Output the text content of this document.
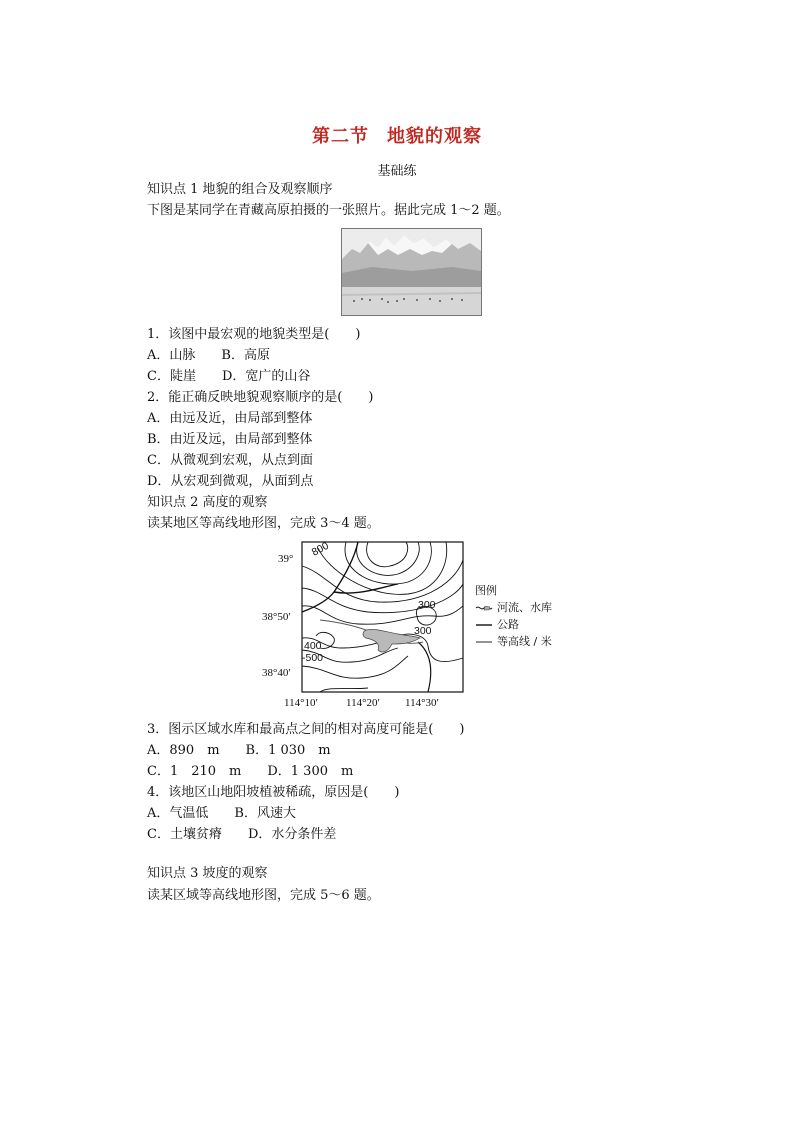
第二节 地貌的观察
基础练
知识点 1 地貌的组合及观察顺序
下图是某同学在青藏高原拍摄的一张照片。据此完成 1～2 题。
1．该图中最宏观的地貌类型是(　　)
A．山脉　　B．高原
C．陡崖　　D．宽广的山谷
2．能正确反映地貌观察顺序的是(　　)
A．由远及近，由局部到整体
B．由近及远，由局部到整体
C．从微观到宏观，从点到面
D．从宏观到微观，从面到点
知识点 2 高度的观察
读某地区等高线地形图，完成 3～4 题。
39°
38°50′
38°40′
114°10′	114°20′ 114°30′
800
300
300
400
-500
图例
河流、水库
公路
等高线 / 米
3．图示区域水库和最高点之间的相对高度可能是(　　)
A．890　m　　B．1 030　m
C．1　210　m　　D．1 300　m
4．该地区山地阳坡植被稀疏，原因是(　　)
A．气温低　　B．风速大
C．土壤贫瘠　　D．水分条件差
知识点 3 坡度的观察
读某区域等高线地形图，完成 5～6 题。
